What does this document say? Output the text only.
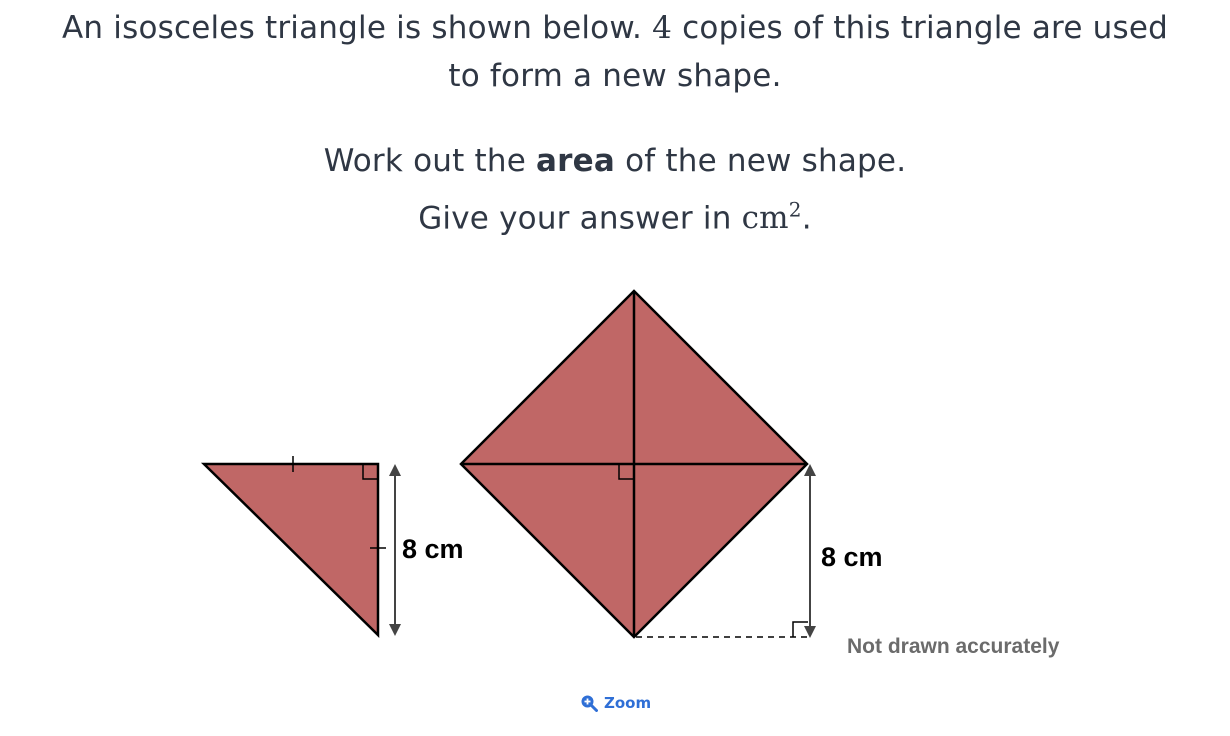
An isosceles triangle is shown below. 4 copies of this triangle are used
to form a new shape.
Work out the area of the new shape.
Give your answer in $cm^2$.
8 cm	8 cm
Not drawn accurately
Zoom
